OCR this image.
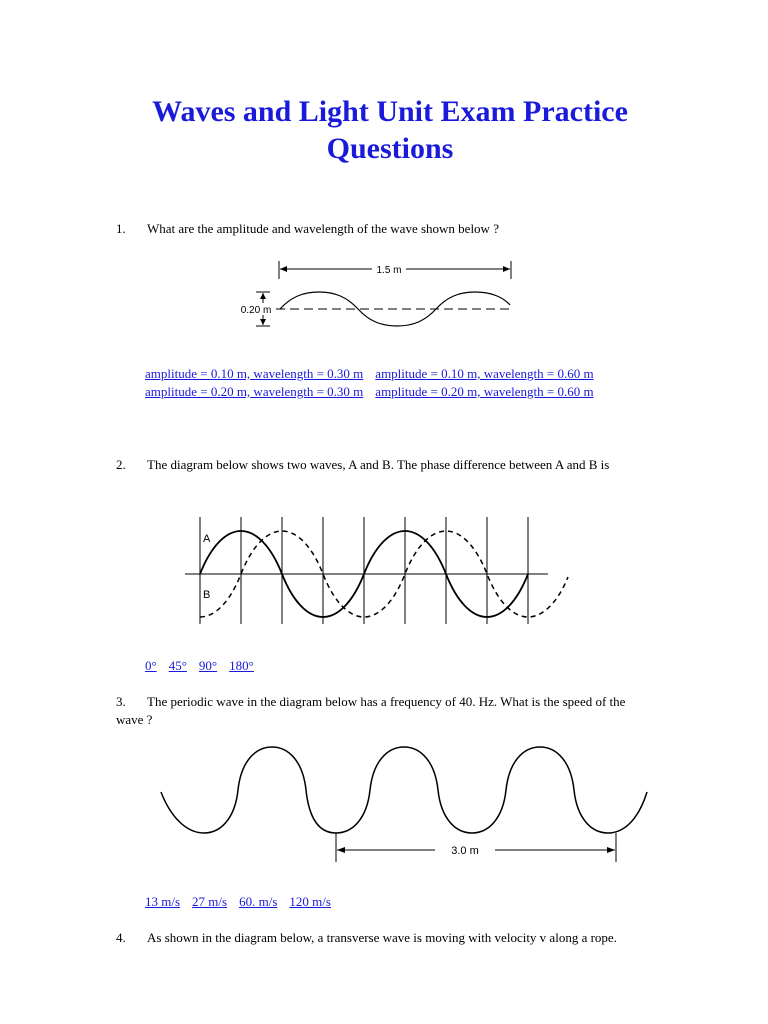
Waves and Light Unit Exam Practice Questions
1. What are the amplitude and wavelength of the wave shown below ?
1.5 m
0.20 m
amplitude = 0.10 m, wavelength = 0.30 m amplitude = 0.10 m, wavelength = 0.60 m
amplitude = 0.20 m, wavelength = 0.30 m amplitude = 0.20 m, wavelength = 0.60 m
2. The diagram below shows two waves, A and B. The phase difference between A and B is
A
B
0° 45° 90° 180°
3. The periodic wave in the diagram below has a frequency of 40. Hz. What is the speed of the wave ?
3.0 m
13 m/s 27 m/s 60. m/s 120 m/s
4. As shown in the diagram below, a transverse wave is moving with velocity v along a rope.
